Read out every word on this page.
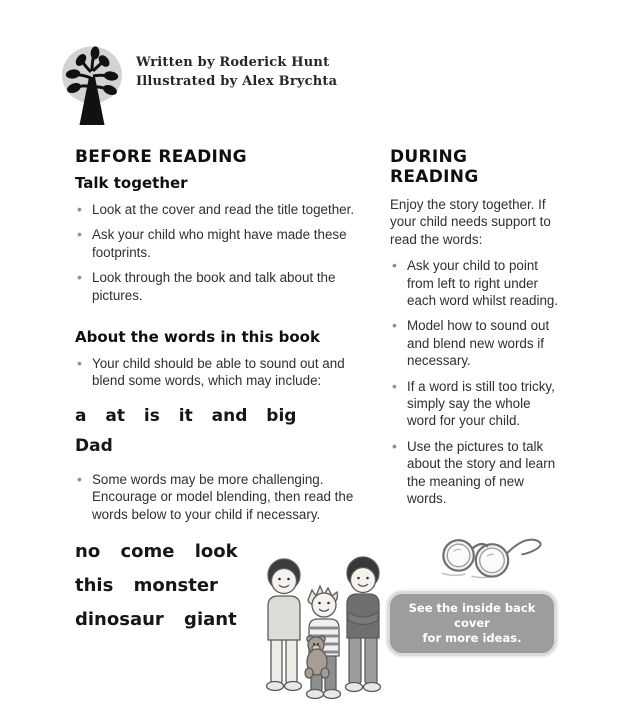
Written by Roderick Hunt
Illustrated by Alex Brychta
BEFORE READING
Talk together
• Look at the cover and read the title together.
• Ask your child who might have made these footprints.
• Look through the book and talk about the pictures.
About the words in this book
• Your child should be able to sound out and blend some words, which may include:
a at is it and big
Dad
• Some words may be more challenging. Encourage or model blending, then read the words below to your child if necessary.
no come look
this monster
dinosaur giant
DURING READING

Enjoy the story together. If your child needs support to read the words:

• Ask your child to point from left to right under each word whilst reading.
• Model how to sound out and blend new words if necessary.
• If a word is still too tricky, simply say the whole word for your child.
• Use the pictures to talk about the story and learn the meaning of new words.
See the inside back cover
for more ideas.
